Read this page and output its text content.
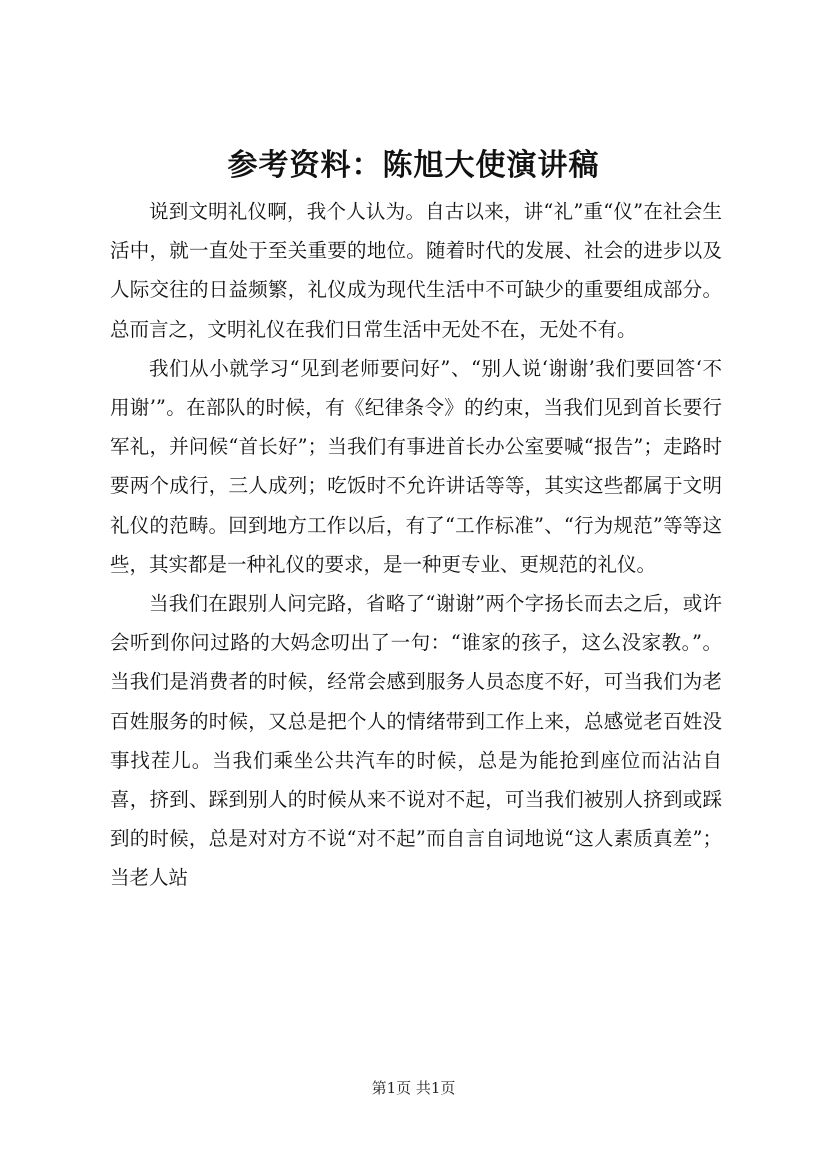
参考资料：陈旭大使演讲稿

说到文明礼仪啊，我个人认为。自古以来，讲“礼”重“仪”在社会生活中，就一直处于至关重要的地位。随着时代的发展、社会的进步以及人际交往的日益频繁，礼仪成为现代生活中不可缺少的重要组成部分。总而言之，文明礼仪在我们日常生活中无处不在，无处不有。

我们从小就学习“见到老师要问好”、“别人说‘谢谢’我们要回答‘不用谢’”。在部队的时候，有《纪律条令》的约束，当我们见到首长要行军礼，并问候“首长好”；当我们有事进首长办公室要喊“报告”；走路时要两个成行，三人成列；吃饭时不允许讲话等等，其实这些都属于文明礼仪的范畴。回到地方工作以后，有了“工作标准”、“行为规范”等等这些，其实都是一种礼仪的要求，是一种更专业、更规范的礼仪。

当我们在跟别人问完路，省略了“谢谢”两个字扬长而去之后，或许会听到你问过路的大妈念叨出了一句：“谁家的孩子，这么没家教。”。当我们是消费者的时候，经常会感到服务人员态度不好，可当我们为老百姓服务的时候，又总是把个人的情绪带到工作上来，总感觉老百姓没事找茬儿。当我们乘坐公共汽车的时候，总是为能抢到座位而沾沾自喜，挤到、踩到别人的时候从来不说对不起，可当我们被别人挤到或踩到的时候，总是对对方不说“对不起”而自言自词地说“这人素质真差”；当老人站

第1页 共1页
